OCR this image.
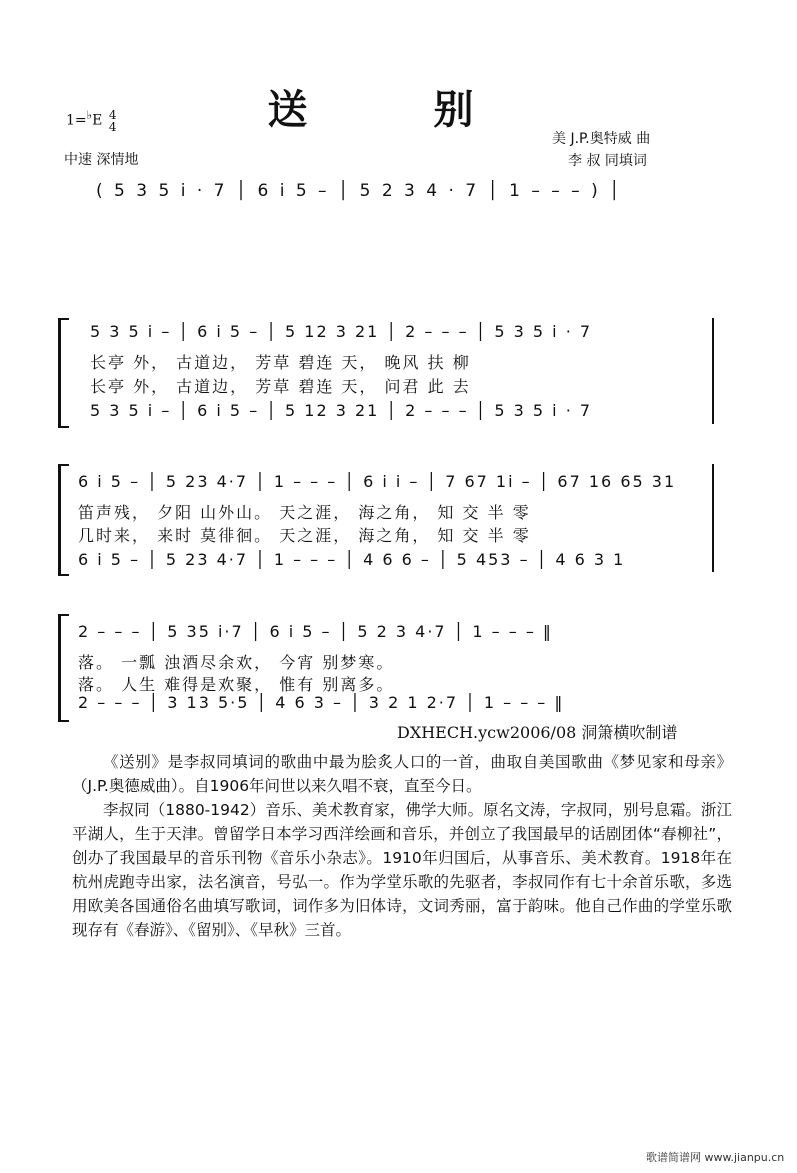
送 别
1=♭E 4
4
中速 深情地
美 J.P.奥特威 曲
李 叔 同填词
( 5 3 5 i · 7 │ 6 i 5 – │ 5 2 3 4 · 7 │ 1 – – – ) │
5 3 5 i – │ 6 i 5 – │ 5 12 3 21 │ 2 – – – │ 5 3 5 i · 7
长亭 外， 古道边， 芳草 碧连 天， 晚风 扶 柳
长亭 外， 古道边， 芳草 碧连 天， 问君 此 去
5 3 5 i – │ 6 i 5 – │ 5 12 3 21 │ 2 – – – │ 5 3 5 i · 7
6 i 5 – │ 5 23 4·7 │ 1 – – – │ 6 i i – │ 7 67 1i – │ 67 16 65 31
笛声残， 夕阳 山外山。 天之涯， 海之角， 知 交 半 零
几时来， 来时 莫徘徊。 天之涯， 海之角， 知 交 半 零
6 i 5 – │ 5 23 4·7 │ 1 – – – │ 4 6 6 – │ 5 453 – │ 4 6 3 1
2 – – – │ 5 35 i·7 │ 6 i 5 – │ 5 2 3 4·7 │ 1 – – – ‖
落。 一瓢 浊酒尽余欢， 今宵 别梦寒。
落。 人生 难得是欢聚， 惟有 别离多。
2 – – – │ 3 13 5·5 │ 4 6 3 – │ 3 2 1 2·7 │ 1 – – – ‖
DXHECH.ycw2006/08 洞箫横吹制谱

《送别》是李叔同填词的歌曲中最为脍炙人口的一首，曲取自美国歌曲《梦见家和母亲》（J.P.奥德威曲）。自1906年问世以来久唱不衰，直至今日。

李叔同（1880-1942）音乐、美术教育家，佛学大师。原名文涛，字叔同，别号息霜。浙江平湖人，生于天津。曾留学日本学习西洋绘画和音乐，并创立了我国最早的话剧团体“春柳社”，创办了我国最早的音乐刊物《音乐小杂志》。1910年归国后，从事音乐、美术教育。1918年在杭州虎跑寺出家，法名演音，号弘一。作为学堂乐歌的先驱者，李叔同作有七十余首乐歌，多选用欧美各国通俗名曲填写歌词，词作多为旧体诗，文词秀丽，富于韵味。他自己作曲的学堂乐歌现存有《春游》、《留别》、《早秋》三首。

歌谱简谱网 www.jianpu.cn
